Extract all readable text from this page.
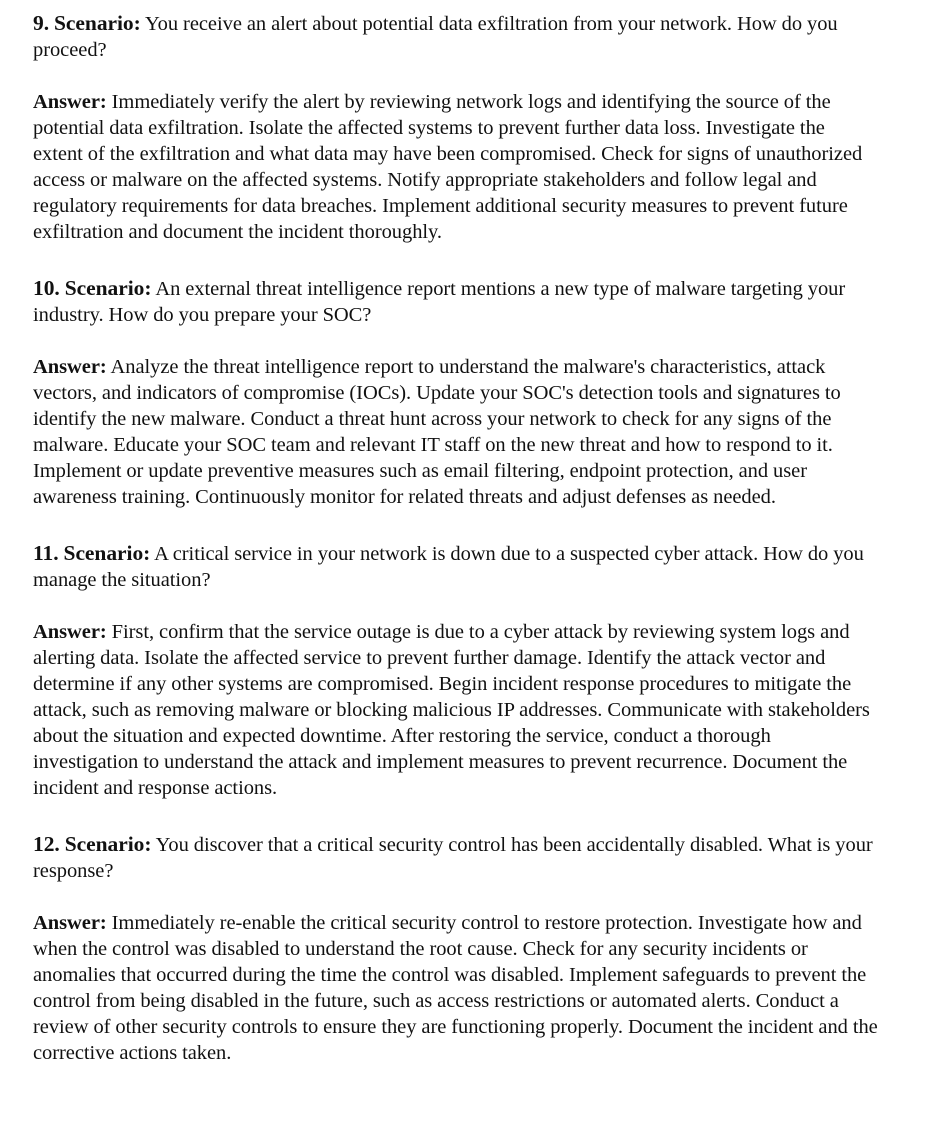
9. Scenario: You receive an alert about potential data exfiltration from your network. How do you proceed?

Answer: Immediately verify the alert by reviewing network logs and identifying the source of the potential data exfiltration. Isolate the affected systems to prevent further data loss. Investigate the extent of the exfiltration and what data may have been compromised. Check for signs of unauthorized access or malware on the affected systems. Notify appropriate stakeholders and follow legal and regulatory requirements for data breaches. Implement additional security measures to prevent future exfiltration and document the incident thoroughly.

10. Scenario: An external threat intelligence report mentions a new type of malware targeting your industry. How do you prepare your SOC?

Answer: Analyze the threat intelligence report to understand the malware's characteristics, attack vectors, and indicators of compromise (IOCs). Update your SOC's detection tools and signatures to identify the new malware. Conduct a threat hunt across your network to check for any signs of the malware. Educate your SOC team and relevant IT staff on the new threat and how to respond to it. Implement or update preventive measures such as email filtering, endpoint protection, and user awareness training. Continuously monitor for related threats and adjust defenses as needed.

11. Scenario: A critical service in your network is down due to a suspected cyber attack. How do you manage the situation?

Answer: First, confirm that the service outage is due to a cyber attack by reviewing system logs and alerting data. Isolate the affected service to prevent further damage. Identify the attack vector and determine if any other systems are compromised. Begin incident response procedures to mitigate the attack, such as removing malware or blocking malicious IP addresses. Communicate with stakeholders about the situation and expected downtime. After restoring the service, conduct a thorough investigation to understand the attack and implement measures to prevent recurrence. Document the incident and response actions.

12. Scenario: You discover that a critical security control has been accidentally disabled. What is your response?

Answer: Immediately re-enable the critical security control to restore protection. Investigate how and when the control was disabled to understand the root cause. Check for any security incidents or anomalies that occurred during the time the control was disabled. Implement safeguards to prevent the control from being disabled in the future, such as access restrictions or automated alerts. Conduct a review of other security controls to ensure they are functioning properly. Document the incident and the corrective actions taken.
